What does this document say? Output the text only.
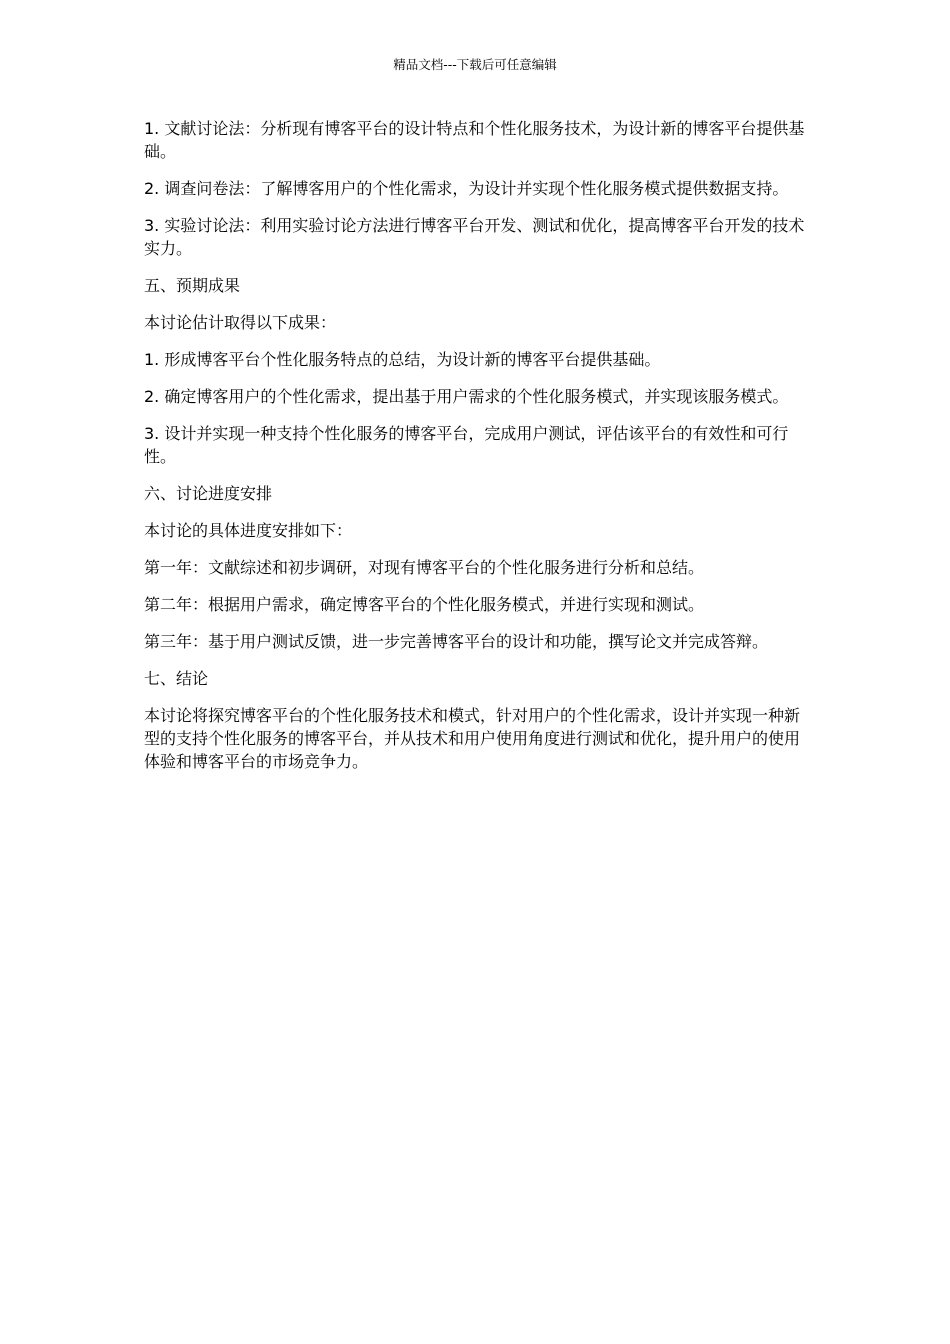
精品文档---下载后可任意编辑

1. 文献讨论法：分析现有博客平台的设计特点和个性化服务技术，为设计新的博客平台提供基础。

2. 调查问卷法：了解博客用户的个性化需求，为设计并实现个性化服务模式提供数据支持。

3. 实验讨论法：利用实验讨论方法进行博客平台开发、测试和优化，提高博客平台开发的技术实力。

五、预期成果

本讨论估计取得以下成果：

1. 形成博客平台个性化服务特点的总结，为设计新的博客平台提供基础。

2. 确定博客用户的个性化需求，提出基于用户需求的个性化服务模式，并实现该服务模式。

3. 设计并实现一种支持个性化服务的博客平台，完成用户测试，评估该平台的有效性和可行性。

六、讨论进度安排

本讨论的具体进度安排如下：

第一年：文献综述和初步调研，对现有博客平台的个性化服务进行分析和总结。

第二年：根据用户需求，确定博客平台的个性化服务模式，并进行实现和测试。

第三年：基于用户测试反馈，进一步完善博客平台的设计和功能，撰写论文并完成答辩。

七、结论

本讨论将探究博客平台的个性化服务技术和模式，针对用户的个性化需求，设计并实现一种新型的支持个性化服务的博客平台，并从技术和用户使用角度进行测试和优化，提升用户的使用体验和博客平台的市场竞争力。
